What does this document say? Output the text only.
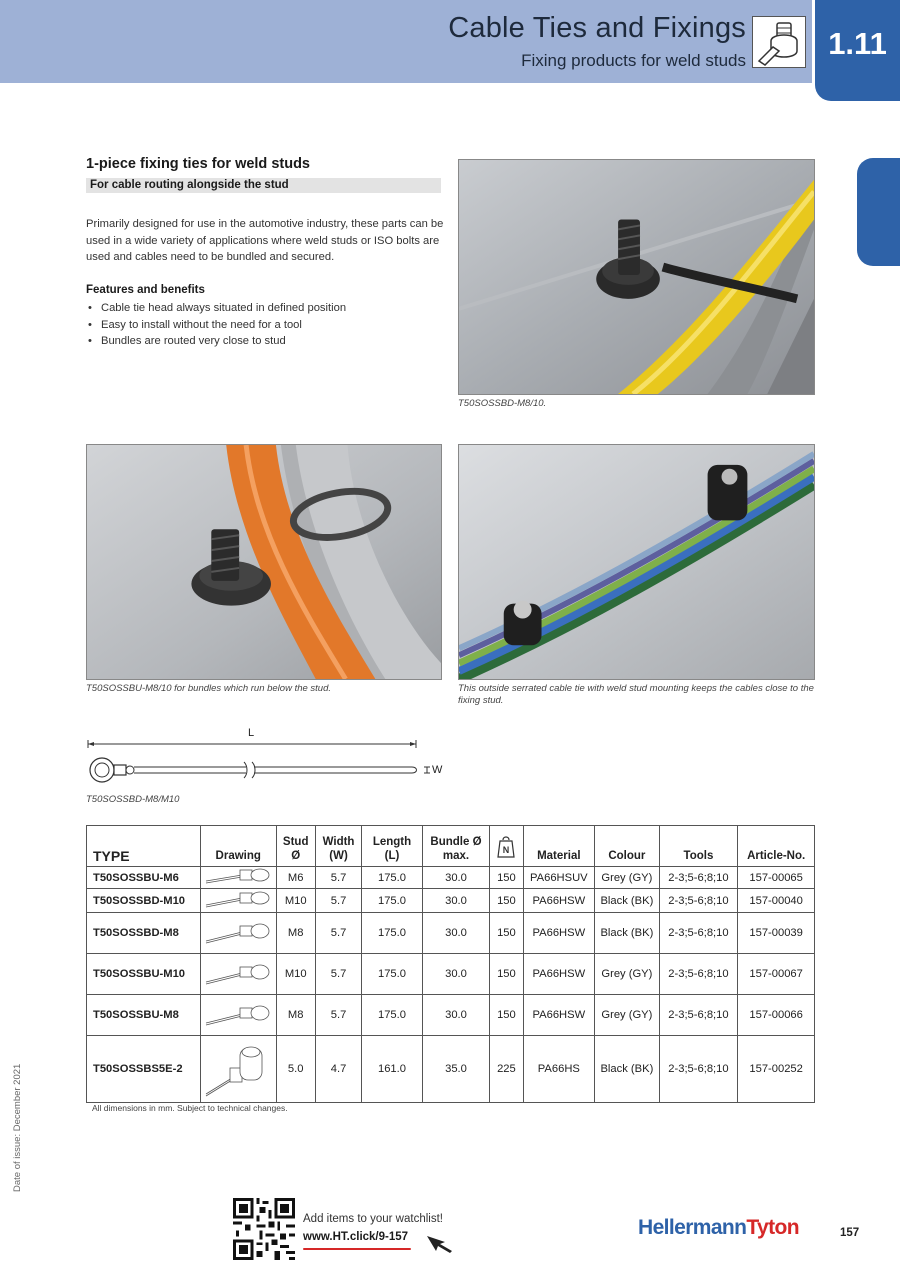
Cable Ties and Fixings
Fixing products for weld studs	1.11
1-piece fixing ties for weld studs
For cable routing alongside the stud
Primarily designed for use in the automotive industry, these parts can be used in a wide variety of applications where weld studs or ISO bolts are used and cables need to be bundled and secured.
Features and benefits
• Cable tie head always situated in defined position
• Easy to install without the need for a tool
• Bundles are routed very close to stud
T50SOSSBD-M8/10.
T50SOSSBU-M8/10 for bundles which run below the stud.	This outside serrated cable tie with weld stud mounting keeps the cables close to the fixing stud.
L
W
T50SOSSBD-M8/M10
TYPE	Drawing	Stud Ø	Width (W)	Length (L)	Bundle Ø max.	N	Material	Colour	Tools	Article-No.
T50SOSSBU-M6		M6	5.7	175.0	30.0	150	PA66HSUV	Grey (GY)	2-3;5-6;8;10	157-00065
T50SOSSBD-M10		M10	5.7	175.0	30.0	150	PA66HSW	Black (BK)	2-3;5-6;8;10	157-00040
T50SOSSBD-M8		M8	5.7	175.0	30.0	150	PA66HSW	Black (BK)	2-3;5-6;8;10	157-00039
T50SOSSBU-M10		M10	5.7	175.0	30.0	150	PA66HSW	Grey (GY)	2-3;5-6;8;10	157-00067
T50SOSSBU-M8		M8	5.7	175.0	30.0	150	PA66HSW	Grey (GY)	2-3;5-6;8;10	157-00066
T50SOSSBS5E-2		5.0	4.7	161.0	35.0	225	PA66HS	Black (BK)	2-3;5-6;8;10	157-00252
All dimensions in mm. Subject to technical changes.
Date of issue: December 2021
Add items to your watchlist!
www.HT.click/9-157	HellermannTyton	157
